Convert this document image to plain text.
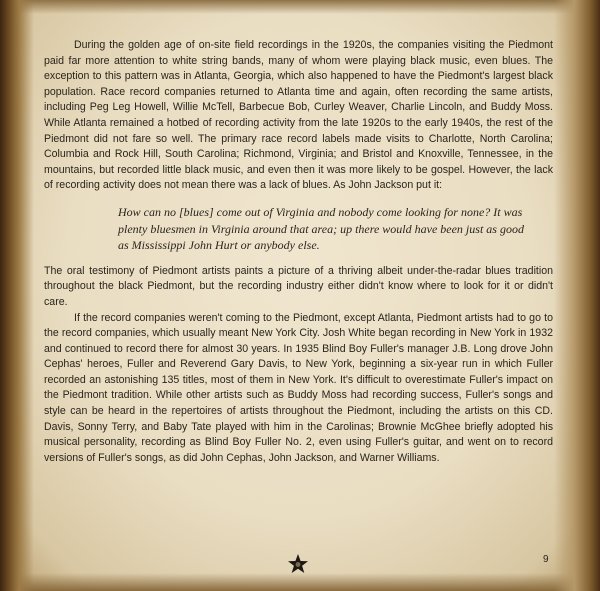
During the golden age of on-site field recordings in the 1920s, the companies visiting the Piedmont paid far more attention to white string bands, many of whom were playing black music, even blues. The exception to this pattern was in Atlanta, Georgia, which also happened to have the Piedmont's largest black population. Race record companies returned to Atlanta time and again, often recording the same artists, including Peg Leg Howell, Willie McTell, Barbecue Bob, Curley Weaver, Charlie Lincoln, and Buddy Moss. While Atlanta remained a hotbed of recording activity from the late 1920s to the early 1940s, the rest of the Piedmont did not fare so well. The primary race record labels made visits to Charlotte, North Carolina; Columbia and Rock Hill, South Carolina; Richmond, Virginia; and Bristol and Knoxville, Tennessee, in the mountains, but recorded little black music, and even then it was more likely to be gospel. However, the lack of recording activity does not mean there was a lack of blues. As John Jackson put it:

How can no [blues] come out of Virginia and nobody come looking for none? It was plenty bluesmen in Virginia around that area; up there would have been just as good as Mississippi John Hurt or anybody else.

The oral testimony of Piedmont artists paints a picture of a thriving albeit under-the-radar blues tradition throughout the black Piedmont, but the recording industry either didn't know where to look for it or didn't care.

If the record companies weren't coming to the Piedmont, except Atlanta, Piedmont artists had to go to the record companies, which usually meant New York City. Josh White began recording in New York in 1932 and continued to record there for almost 30 years. In 1935 Blind Boy Fuller's manager J.B. Long drove John Cephas' heroes, Fuller and Reverend Gary Davis, to New York, beginning a six-year run in which Fuller recorded an astonishing 135 titles, most of them in New York. It's difficult to overestimate Fuller's impact on the Piedmont tradition. While other artists such as Buddy Moss had recording success, Fuller's songs and style can be heard in the repertoires of artists throughout the Piedmont, including the artists on this CD. Davis, Sonny Terry, and Baby Tate played with him in the Carolinas; Brownie McGhee briefly adopted his musical personality, recording as Blind Boy Fuller No. 2, even using Fuller's guitar, and went on to record versions of Fuller's songs, as did John Cephas, John Jackson, and Warner Williams.

9
